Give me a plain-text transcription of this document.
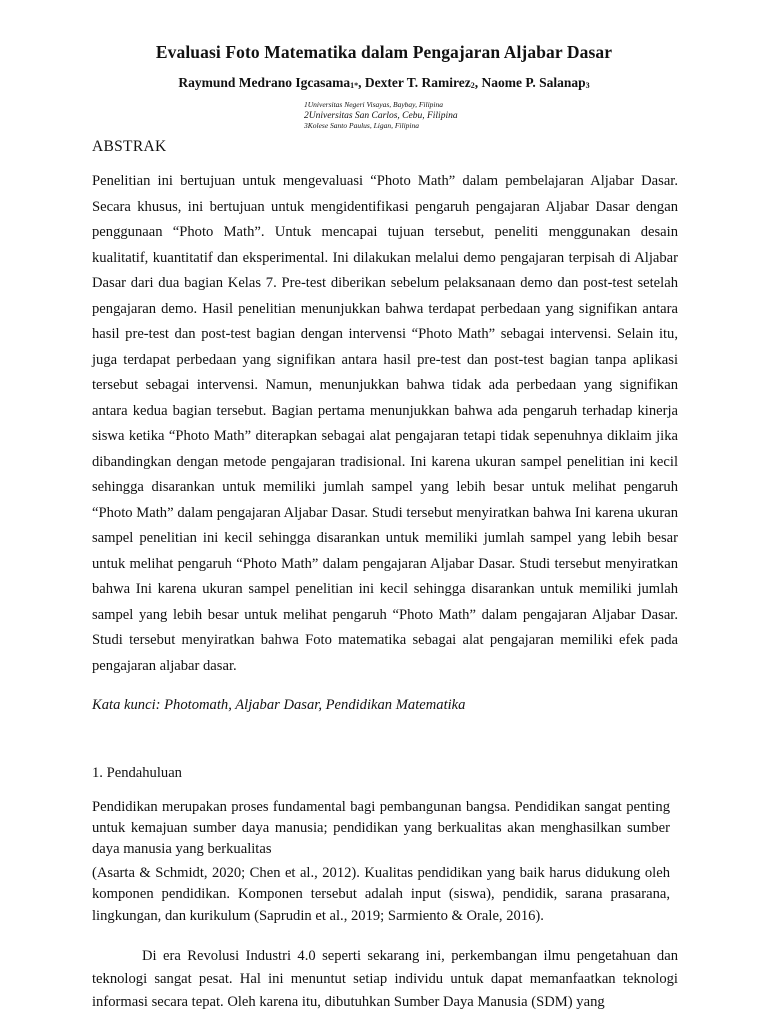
Evaluasi Foto Matematika dalam Pengajaran Aljabar Dasar
Raymund Medrano Igcasama$_{1*}$, Dexter T. Ramirez$_2$, Naome P. Salanap$_3$
1Universitas Negeri Visayas, Baybay, Filipina
2Universitas San Carlos, Cebu, Filipina
3Kolese Santo Paulus, Ligan, Filipina
ABSTRAK

Penelitian ini bertujuan untuk mengevaluasi “Photo Math” dalam pembelajaran Aljabar Dasar. Secara khusus, ini bertujuan untuk mengidentifikasi pengaruh pengajaran Aljabar Dasar dengan penggunaan “Photo Math”. Untuk mencapai tujuan tersebut, peneliti menggunakan desain kualitatif, kuantitatif dan eksperimental. Ini dilakukan melalui demo pengajaran terpisah di Aljabar Dasar dari dua bagian Kelas 7. Pre-test diberikan sebelum pelaksanaan demo dan post-test setelah pengajaran demo. Hasil penelitian menunjukkan bahwa terdapat perbedaan yang signifikan antara hasil pre-test dan post-test bagian dengan intervensi “Photo Math” sebagai intervensi. Selain itu, juga terdapat perbedaan yang signifikan antara hasil pre-test dan post-test bagian tanpa aplikasi tersebut sebagai intervensi. Namun, menunjukkan bahwa tidak ada perbedaan yang signifikan antara kedua bagian tersebut. Bagian pertama menunjukkan bahwa ada pengaruh terhadap kinerja siswa ketika “Photo Math” diterapkan sebagai alat pengajaran tetapi tidak sepenuhnya diklaim jika dibandingkan dengan metode pengajaran tradisional. Ini karena ukuran sampel penelitian ini kecil sehingga disarankan untuk memiliki jumlah sampel yang lebih besar untuk melihat pengaruh “Photo Math” dalam pengajaran Aljabar Dasar. Studi tersebut menyiratkan bahwa Ini karena ukuran sampel penelitian ini kecil sehingga disarankan untuk memiliki jumlah sampel yang lebih besar untuk melihat pengaruh “Photo Math” dalam pengajaran Aljabar Dasar. Studi tersebut menyiratkan bahwa Ini karena ukuran sampel penelitian ini kecil sehingga disarankan untuk memiliki jumlah sampel yang lebih besar untuk melihat pengaruh “Photo Math” dalam pengajaran Aljabar Dasar. Studi tersebut menyiratkan bahwa Foto matematika sebagai alat pengajaran memiliki efek pada pengajaran aljabar dasar.

Kata kunci: Photomath, Aljabar Dasar, Pendidikan Matematika
1. Pendahuluan

Pendidikan merupakan proses fundamental bagi pembangunan bangsa. Pendidikan sangat penting untuk kemajuan sumber daya manusia; pendidikan yang berkualitas akan menghasilkan sumber daya manusia yang berkualitas

(Asarta & Schmidt, 2020; Chen et al., 2012). Kualitas pendidikan yang baik harus didukung oleh komponen pendidikan. Komponen tersebut adalah input (siswa), pendidik, sarana prasarana, lingkungan, dan kurikulum (Saprudin et al., 2019; Sarmiento & Orale, 2016).

Di era Revolusi Industri 4.0 seperti sekarang ini, perkembangan ilmu pengetahuan dan teknologi sangat pesat. Hal ini menuntut setiap individu untuk dapat memanfaatkan teknologi informasi secara tepat. Oleh karena itu, dibutuhkan Sumber Daya Manusia (SDM) yang
